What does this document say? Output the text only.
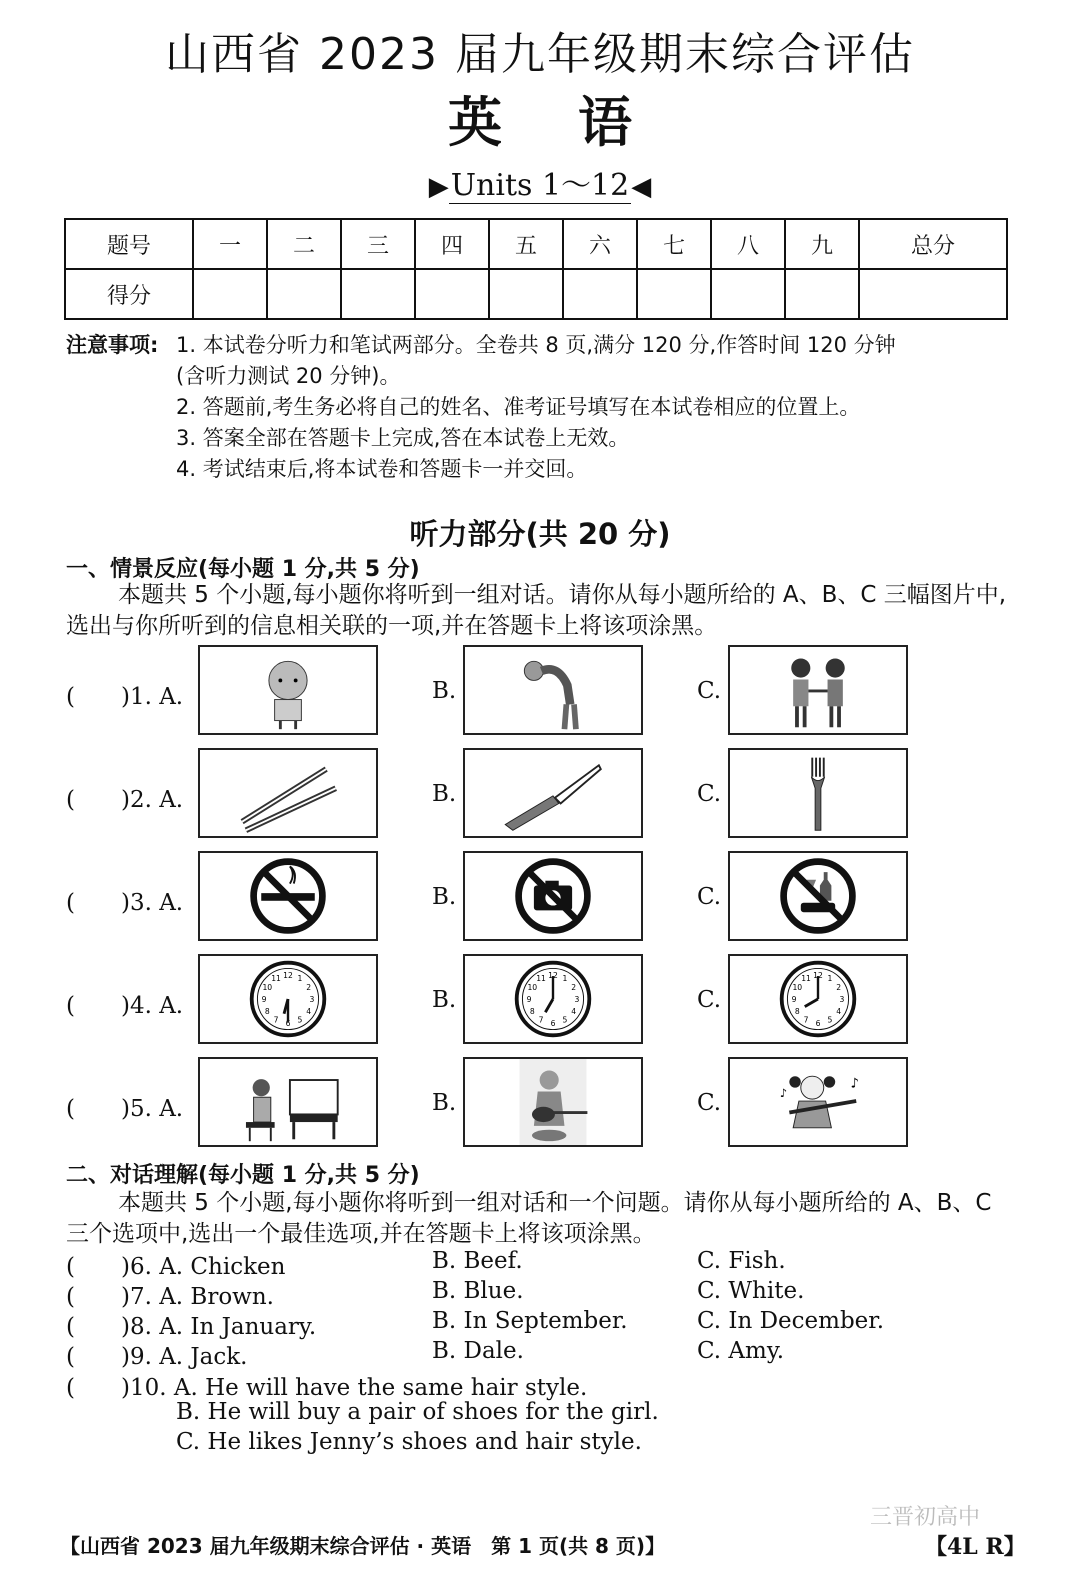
山西省 2023 届九年级期末综合评估
英 语
▶Units 1～12◀
题号	一	二	三	四	五	六	七	八	九	总分
得分										
注意事项: 1. 本试卷分听力和笔试两部分。全卷共 8 页,满分 120 分,作答时间 120 分钟
(含听力测试 20 分钟)。
2. 答题前,考生务必将自己的姓名、准考证号填写在本试卷相应的位置上。
3. 答案全部在答题卡上完成,答在本试卷上无效。
4. 考试结束后,将本试卷和答题卡一并交回。
听力部分(共 20 分)
一、情景反应(每小题 1 分,共 5 分)
本题共 5 个小题,每小题你将听到一组对话。请你从每小题所给的 A、B、C 三幅图片中,选出与你所听到的信息相关联的一项,并在答题卡上将该项涂黑。
(　　)1. A.	B.	C.
(　　)2. A.	B.	C.
(　　)3. A.	B.	C.
(　　)4. A.	B.	C.
1
2
3
4
5
6
7
8
9
10
11 12	1
2
3
4
5
6
7
8
9
10
11 12	1
2
3
4
5
6
7
8
9
10
11 12
(　　)5. A.	B.	C.
♪
♪
二、对话理解(每小题 1 分,共 5 分)
本题共 5 个小题,每小题你将听到一组对话和一个问题。请你从每小题所给的 A、B、C 三个选项中,选出一个最佳选项,并在答题卡上将该项涂黑。
(　　)6. A. Chicken	B. Beef.	C. Fish.
(　　)7. A. Brown.	B. Blue.	C. White.
(　　)8. A. In January.	B. In September.	C. In December.
(　　)9. A. Jack.	B. Dale.	C. Amy.
(　　)10. A. He will have the same hair style.
B. He will buy a pair of shoes for the girl.
C. He likes Jenny’s shoes and hair style.
三晋初高中
【山西省 2023 届九年级期末综合评估 · 英语　第 1 页(共 8 页)】	【4L R】
